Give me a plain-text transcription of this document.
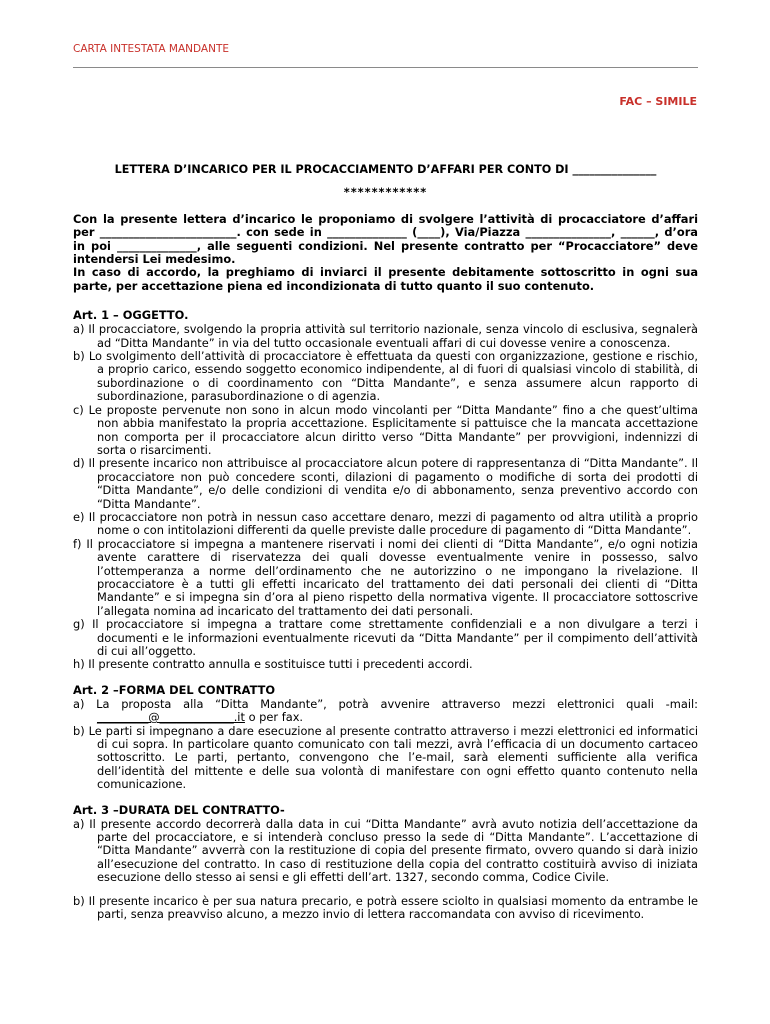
CARTA INTESTATA MANDANTE
FAC – SIMILE
LETTERA D’INCARICO PER IL PROCACCIAMENTO D’AFFARI PER CONTO DI _______________
************

Con la presente lettera d’incarico le proponiamo di svolgere l’attività di procacciatore d’affari per ________________________. con sede in ______________ (____), Via/Piazza _______________, ______, d’ora in poi ______________, alle seguenti condizioni. Nel presente contratto per “Procacciatore” deve intendersi Lei medesimo.

In caso di accordo, la preghiamo di inviarci il presente debitamente sottoscritto in ogni sua parte, per accettazione piena ed incondizionata di tutto quanto il suo contenuto.

Art. 1 – OGGETTO.

a) Il procacciatore, svolgendo la propria attività sul territorio nazionale, senza vincolo di esclusiva, segnalerà ad “Ditta Mandante” in via del tutto occasionale eventuali affari di cui dovesse venire a conoscenza.

b) Lo svolgimento dell’attività di procacciatore è effettuata da questi con organizzazione, gestione e rischio, a proprio carico, essendo soggetto economico indipendente, al di fuori di qualsiasi vincolo di stabilità, di subordinazione o di coordinamento con “Ditta Mandante”, e senza assumere alcun rapporto di subordinazione, parasubordinazione o di agenzia.

c) Le proposte pervenute non sono in alcun modo vincolanti per “Ditta Mandante” fino a che quest’ultima non abbia manifestato la propria accettazione. Esplicitamente si pattuisce che la mancata accettazione non comporta per il procacciatore alcun diritto verso “Ditta Mandante” per provvigioni, indennizzi di sorta o risarcimenti.

d) Il presente incarico non attribuisce al procacciatore alcun potere di rappresentanza di “Ditta Mandante”. Il procacciatore non può concedere sconti, dilazioni di pagamento o modifiche di sorta dei prodotti di “Ditta Mandante”, e/o delle condizioni di vendita e/o di abbonamento, senza preventivo accordo con “Ditta Mandante”.

e) Il procacciatore non potrà in nessun caso accettare denaro, mezzi di pagamento od altra utilità a proprio nome o con intitolazioni differenti da quelle previste dalle procedure di pagamento di “Ditta Mandante”.

f) Il procacciatore si impegna a mantenere riservati i nomi dei clienti di “Ditta Mandante”, e/o ogni notizia avente carattere di riservatezza dei quali dovesse eventualmente venire in possesso, salvo l’ottemperanza a norme dell’ordinamento che ne autorizzino o ne impongano la rivelazione. Il procacciatore è a tutti gli effetti incaricato del trattamento dei dati personali dei clienti di “Ditta Mandante” e si impegna sin d’ora al pieno rispetto della normativa vigente. Il procacciatore sottoscrive l’allegata nomina ad incaricato del trattamento dei dati personali.

g) Il procacciatore si impegna a trattare come strettamente confidenziali e a non divulgare a terzi i documenti e le informazioni eventualmente ricevuti da “Ditta Mandante” per il compimento dell’attività di cui all’oggetto.

h) Il presente contratto annulla e sostituisce tutti i precedenti accordi.

Art. 2 –FORMA DEL CONTRATTO

a) La proposta alla “Ditta Mandante”, potrà avvenire attraverso mezzi elettronici quali -mail: _________@_____________.it o per fax.

b) Le parti si impegnano a dare esecuzione al presente contratto attraverso i mezzi elettronici ed informatici di cui sopra. In particolare quanto comunicato con tali mezzi, avrà l’efficacia di un documento cartaceo sottoscritto. Le parti, pertanto, convengono che l’e-mail, sarà elementi sufficiente alla verifica dell’identità del mittente e delle sua volontà di manifestare con ogni effetto quanto contenuto nella comunicazione.

Art. 3 –DURATA DEL CONTRATTO-

a) Il presente accordo decorrerà dalla data in cui “Ditta Mandante” avrà avuto notizia dell’accettazione da parte del procacciatore, e si intenderà concluso presso la sede di “Ditta Mandante”. L’accettazione di “Ditta Mandante” avverrà con la restituzione di copia del presente firmato, ovvero quando si darà inizio all’esecuzione del contratto. In caso di restituzione della copia del contratto costituirà avviso di iniziata esecuzione dello stesso ai sensi e gli effetti dell’art. 1327, secondo comma, Codice Civile.

b) Il presente incarico è per sua natura precario, e potrà essere sciolto in qualsiasi momento da entrambe le parti, senza preavviso alcuno, a mezzo invio di lettera raccomandata con avviso di ricevimento.
